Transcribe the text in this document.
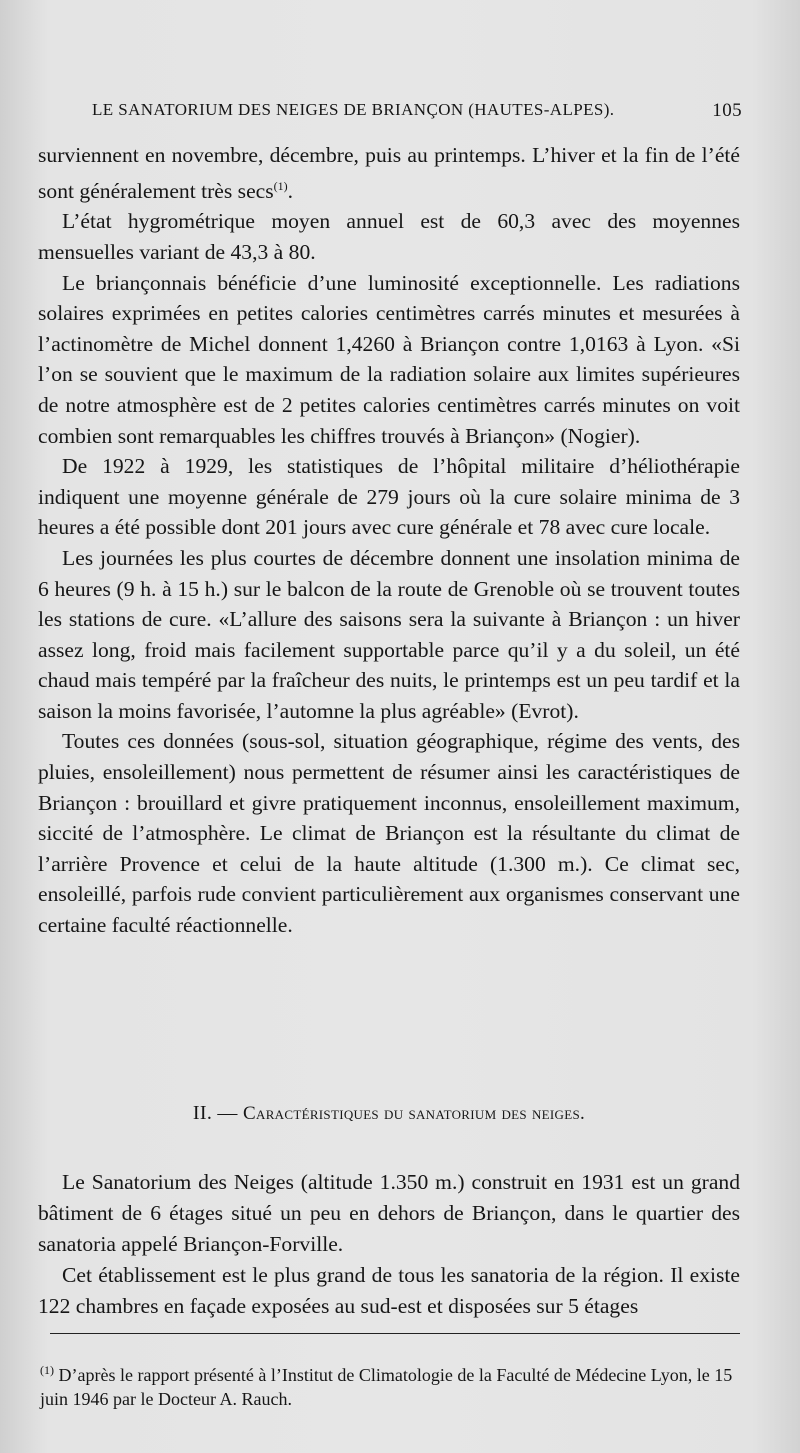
LE SANATORIUM DES NEIGES DE BRIANÇON (HAUTES-ALPES).	105

surviennent en novembre, décembre, puis au printemps. L’hiver et la fin de l’été sont généralement très secs$^{(1)}$.

L’état hygrométrique moyen annuel est de 60,3 avec des moyennes mensuelles variant de 43,3 à 80.

Le briançonnais bénéficie d’une luminosité exceptionnelle. Les radiations solaires exprimées en petites calories centimètres carrés minutes et mesurées à l’actinomètre de Michel donnent 1,4260 à Briançon contre 1,0163 à Lyon. «Si l’on se souvient que le maximum de la radiation solaire aux limites supérieures de notre atmosphère est de 2 petites calories centimètres carrés minutes on voit combien sont remarquables les chiffres trouvés à Briançon» (Nogier).

De 1922 à 1929, les statistiques de l’hôpital militaire d’héliothérapie indiquent une moyenne générale de 279 jours où la cure solaire minima de 3 heures a été possible dont 201 jours avec cure générale et 78 avec cure locale.

Les journées les plus courtes de décembre donnent une insolation minima de 6 heures (9 h. à 15 h.) sur le balcon de la route de Grenoble où se trouvent toutes les stations de cure. «L’allure des saisons sera la suivante à Briançon : un hiver assez long, froid mais facilement supportable parce qu’il y a du soleil, un été chaud mais tempéré par la fraîcheur des nuits, le printemps est un peu tardif et la saison la moins favorisée, l’automne la plus agréable» (Evrot).

Toutes ces données (sous-sol, situation géographique, régime des vents, des pluies, ensoleillement) nous permettent de résumer ainsi les caractéristiques de Briançon : brouillard et givre pratiquement inconnus, ensoleillement maximum, siccité de l’atmosphère. Le climat de Briançon est la résultante du climat de l’arrière Provence et celui de la haute altitude (1.300 m.). Ce climat sec, ensoleillé, parfois rude convient particulièrement aux organismes conservant une certaine faculté réactionnelle.

II. — Caractéristiques du sanatorium des neiges.

Le Sanatorium des Neiges (altitude 1.350 m.) construit en 1931 est un grand bâtiment de 6 étages situé un peu en dehors de Briançon, dans le quartier des sanatoria appelé Briançon-Forville.

Cet établissement est le plus grand de tous les sanatoria de la région. Il existe 122 chambres en façade exposées au sud-est et disposées sur 5 étages

$^{(1)}$ D’après le rapport présenté à l’Institut de Climatologie de la Faculté de Médecine Lyon, le 15 juin 1946 par le Docteur A. Rauch.
